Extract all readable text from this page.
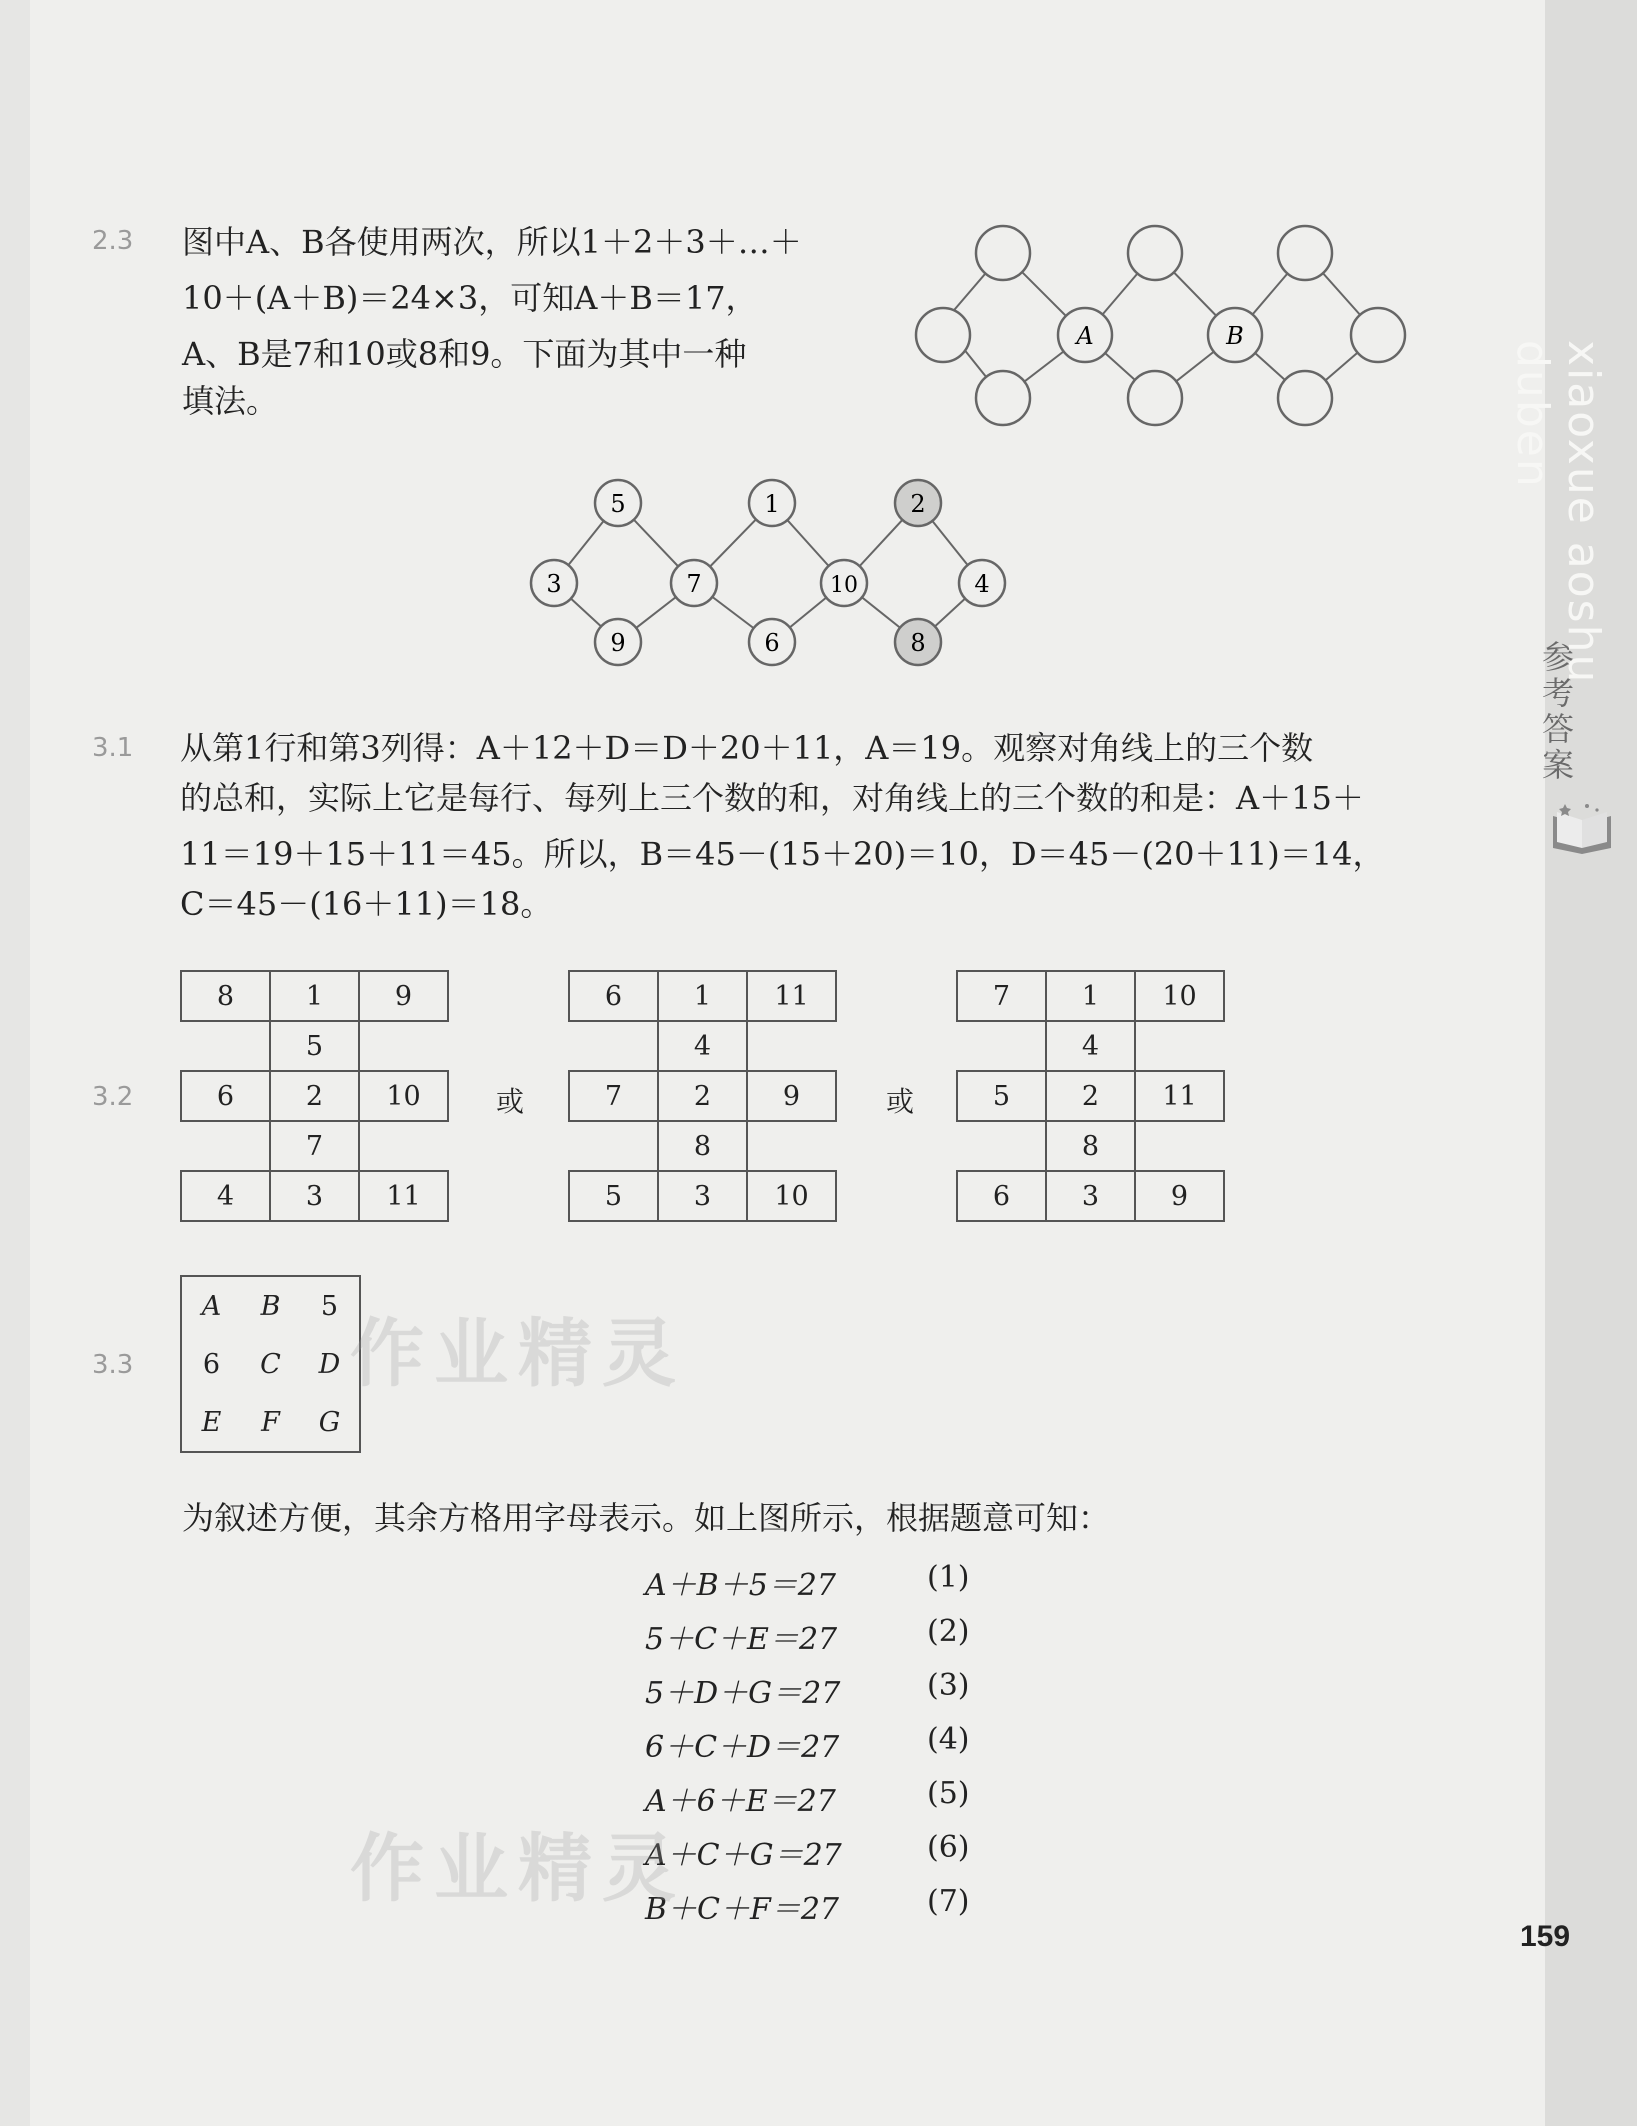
xiaoxue aoshu duben
参考答案
2.3 图中A、B各使用两次，所以1＋2＋3＋…＋
10＋(A＋B)＝24×3，可知A＋B＝17，
A、B是7和10或8和9。下面为其中一种
填法。
A	B
5	1	2
3	7	10	4
9	6	8
3.1 从第1行和第3列得：A＋12＋D＝D＋20＋11，A＝19。观察对角线上的三个数
的总和，实际上它是每行、每列上三个数的和，对角线上的三个数的和是：A＋15＋
11＝19＋15＋11＝45。所以，B＝45－(15＋20)＝10，D＝45－(20＋11)＝14，
C＝45－(16＋11)＝18。
3.2
8	1	9
	5	
6	2	10
	7	
4	3	11
或
6	1	11
	4	
7	2	9
	8	
5	3	10
或
7	1	10
	4	
5	2	11
	8	
6	3	9
3.3
A	B	5
6	C	D
E	F	G
作业精灵
为叙述方便，其余方格用字母表示。如上图所示，根据题意可知：
A＋B＋5＝27	(1)
5＋C＋E＝27	(2)
5＋D＋G＝27	(3)
6＋C＋D＝27	(4)
A＋6＋E＝27	(5)
A＋C＋G＝27	(6)
B＋C＋F＝27	(7)
作业精灵
159
